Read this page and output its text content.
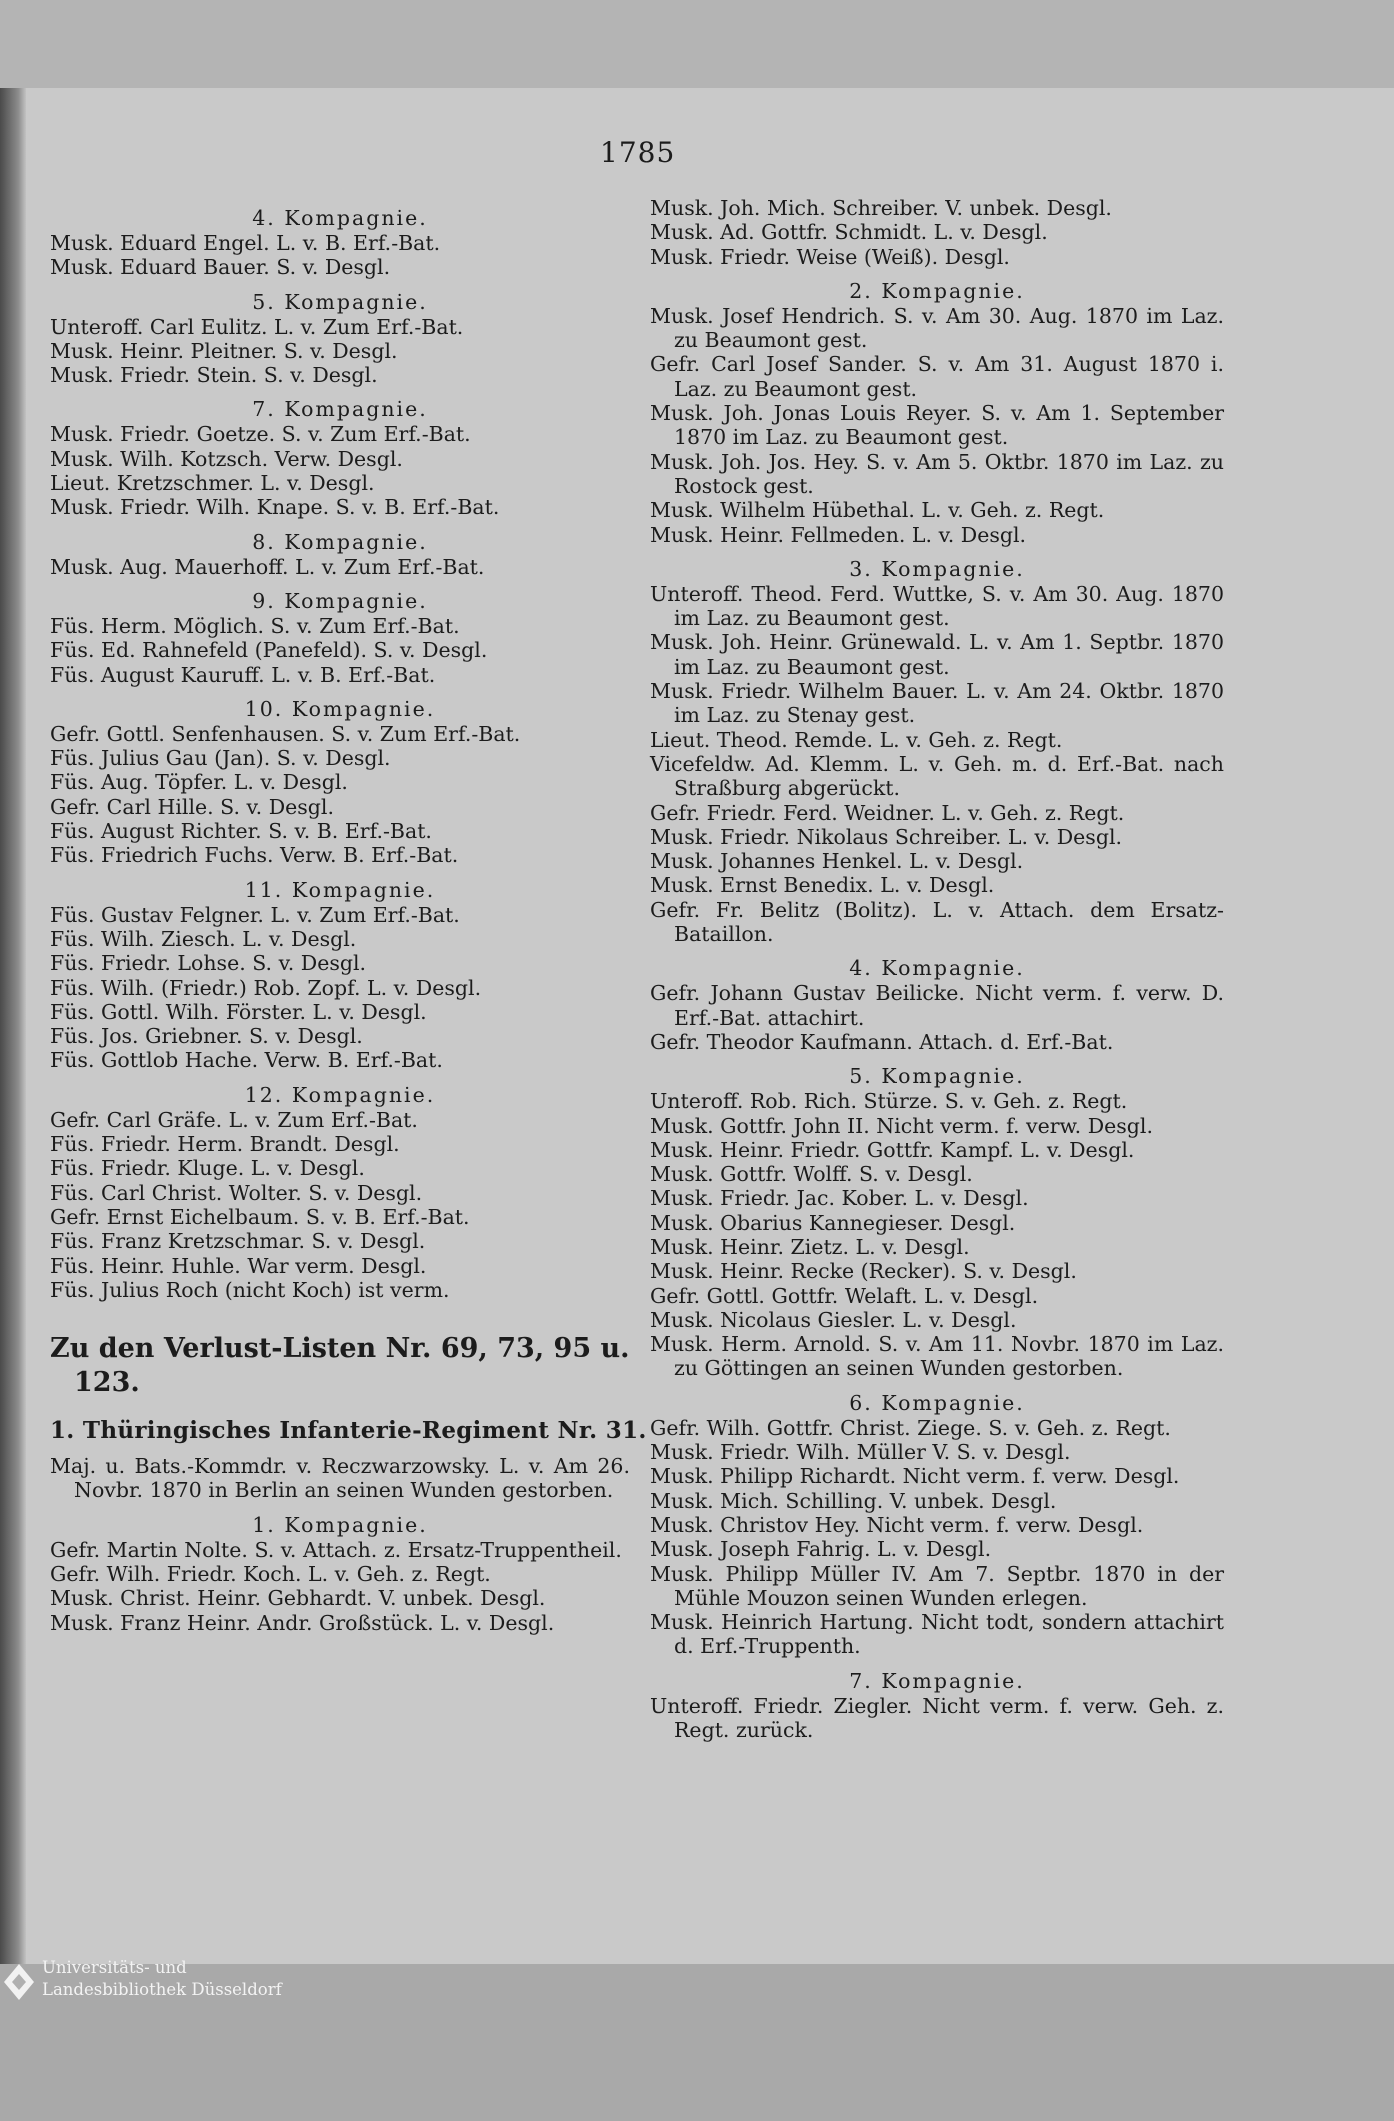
1785
4. Kompagnie.
Musk. Eduard Engel. L. v. B. Erf.-Bat.
Musk. Eduard Bauer. S. v. Desgl.
5. Kompagnie.
Unteroff. Carl Eulitz. L. v. Zum Erf.-Bat.
Musk. Heinr. Pleitner. S. v. Desgl.
Musk. Friedr. Stein. S. v. Desgl.
7. Kompagnie.
Musk. Friedr. Goetze. S. v. Zum Erf.-Bat.
Musk. Wilh. Kotzsch. Verw. Desgl.
Lieut. Kretzschmer. L. v. Desgl.
Musk. Friedr. Wilh. Knape. S. v. B. Erf.-Bat.
8. Kompagnie.
Musk. Aug. Mauerhoff. L. v. Zum Erf.-Bat.
9. Kompagnie.
Füs. Herm. Möglich. S. v. Zum Erf.-Bat.
Füs. Ed. Rahnefeld (Panefeld). S. v. Desgl.
Füs. August Kauruff. L. v. B. Erf.-Bat.
10. Kompagnie.
Gefr. Gottl. Senfenhausen. S. v. Zum Erf.-Bat.
Füs. Julius Gau (Jan). S. v. Desgl.
Füs. Aug. Töpfer. L. v. Desgl.
Gefr. Carl Hille. S. v. Desgl.
Füs. August Richter. S. v. B. Erf.-Bat.
Füs. Friedrich Fuchs. Verw. B. Erf.-Bat.
11. Kompagnie.
Füs. Gustav Felgner. L. v. Zum Erf.-Bat.
Füs. Wilh. Ziesch. L. v. Desgl.
Füs. Friedr. Lohse. S. v. Desgl.
Füs. Wilh. (Friedr.) Rob. Zopf. L. v. Desgl.
Füs. Gottl. Wilh. Förster. L. v. Desgl.
Füs. Jos. Griebner. S. v. Desgl.
Füs. Gottlob Hache. Verw. B. Erf.-Bat.
12. Kompagnie.
Gefr. Carl Gräfe. L. v. Zum Erf.-Bat.
Füs. Friedr. Herm. Brandt. Desgl.
Füs. Friedr. Kluge. L. v. Desgl.
Füs. Carl Christ. Wolter. S. v. Desgl.
Gefr. Ernst Eichelbaum. S. v. B. Erf.-Bat.
Füs. Franz Kretzschmar. S. v. Desgl.
Füs. Heinr. Huhle. War verm. Desgl.
Füs. Julius Roch (nicht Koch) ist verm.
Zu den Verlust-Listen Nr. 69, 73, 95 u. 123.
1. Thüringisches Infanterie-Regiment Nr. 31.
Maj. u. Bats.-Kommdr. v. Reczwarzowsky. L. v. Am 26. Novbr. 1870 in Berlin an seinen Wunden gestorben.
1. Kompagnie.
Gefr. Martin Nolte. S. v. Attach. z. Ersatz-Truppentheil.
Gefr. Wilh. Friedr. Koch. L. v. Geh. z. Regt.
Musk. Christ. Heinr. Gebhardt. V. unbek. Desgl.
Musk. Franz Heinr. Andr. Großstück. L. v. Desgl.
Musk. Joh. Mich. Schreiber. V. unbek. Desgl.
Musk. Ad. Gottfr. Schmidt. L. v. Desgl.
Musk. Friedr. Weise (Weiß). Desgl.
2. Kompagnie.
Musk. Josef Hendrich. S. v. Am 30. Aug. 1870 im Laz. zu Beaumont gest.
Gefr. Carl Josef Sander. S. v. Am 31. August 1870 i. Laz. zu Beaumont gest.
Musk. Joh. Jonas Louis Reyer. S. v. Am 1. September 1870 im Laz. zu Beaumont gest.
Musk. Joh. Jos. Hey. S. v. Am 5. Oktbr. 1870 im Laz. zu Rostock gest.
Musk. Wilhelm Hübethal. L. v. Geh. z. Regt.
Musk. Heinr. Fellmeden. L. v. Desgl.
3. Kompagnie.
Unteroff. Theod. Ferd. Wuttke, S. v. Am 30. Aug. 1870 im Laz. zu Beaumont gest.
Musk. Joh. Heinr. Grünewald. L. v. Am 1. Septbr. 1870 im Laz. zu Beaumont gest.
Musk. Friedr. Wilhelm Bauer. L. v. Am 24. Oktbr. 1870 im Laz. zu Stenay gest.
Lieut. Theod. Remde. L. v. Geh. z. Regt.
Vicefeldw. Ad. Klemm. L. v. Geh. m. d. Erf.-Bat. nach Straßburg abgerückt.
Gefr. Friedr. Ferd. Weidner. L. v. Geh. z. Regt.
Musk. Friedr. Nikolaus Schreiber. L. v. Desgl.
Musk. Johannes Henkel. L. v. Desgl.
Musk. Ernst Benedix. L. v. Desgl.
Gefr. Fr. Belitz (Bolitz). L. v. Attach. dem Ersatz-Bataillon.
4. Kompagnie.
Gefr. Johann Gustav Beilicke. Nicht verm. f. verw. D. Erf.-Bat. attachirt.
Gefr. Theodor Kaufmann. Attach. d. Erf.-Bat.
5. Kompagnie.
Unteroff. Rob. Rich. Stürze. S. v. Geh. z. Regt.
Musk. Gottfr. John II. Nicht verm. f. verw. Desgl.
Musk. Heinr. Friedr. Gottfr. Kampf. L. v. Desgl.
Musk. Gottfr. Wolff. S. v. Desgl.
Musk. Friedr. Jac. Kober. L. v. Desgl.
Musk. Obarius Kannegieser. Desgl.
Musk. Heinr. Zietz. L. v. Desgl.
Musk. Heinr. Recke (Recker). S. v. Desgl.
Gefr. Gottl. Gottfr. Welaft. L. v. Desgl.
Musk. Nicolaus Giesler. L. v. Desgl.
Musk. Herm. Arnold. S. v. Am 11. Novbr. 1870 im Laz. zu Göttingen an seinen Wunden gestorben.
6. Kompagnie.
Gefr. Wilh. Gottfr. Christ. Ziege. S. v. Geh. z. Regt.
Musk. Friedr. Wilh. Müller V. S. v. Desgl.
Musk. Philipp Richardt. Nicht verm. f. verw. Desgl.
Musk. Mich. Schilling. V. unbek. Desgl.
Musk. Christov Hey. Nicht verm. f. verw. Desgl.
Musk. Joseph Fahrig. L. v. Desgl.
Musk. Philipp Müller IV. Am 7. Septbr. 1870 in der Mühle Mouzon seinen Wunden erlegen.
Musk. Heinrich Hartung. Nicht todt, sondern attachirt d. Erf.-Truppenth.
7. Kompagnie.
Unteroff. Friedr. Ziegler. Nicht verm. f. verw. Geh. z. Regt. zurück.
Universitäts- und
Landesbibliothek Düsseldorf
